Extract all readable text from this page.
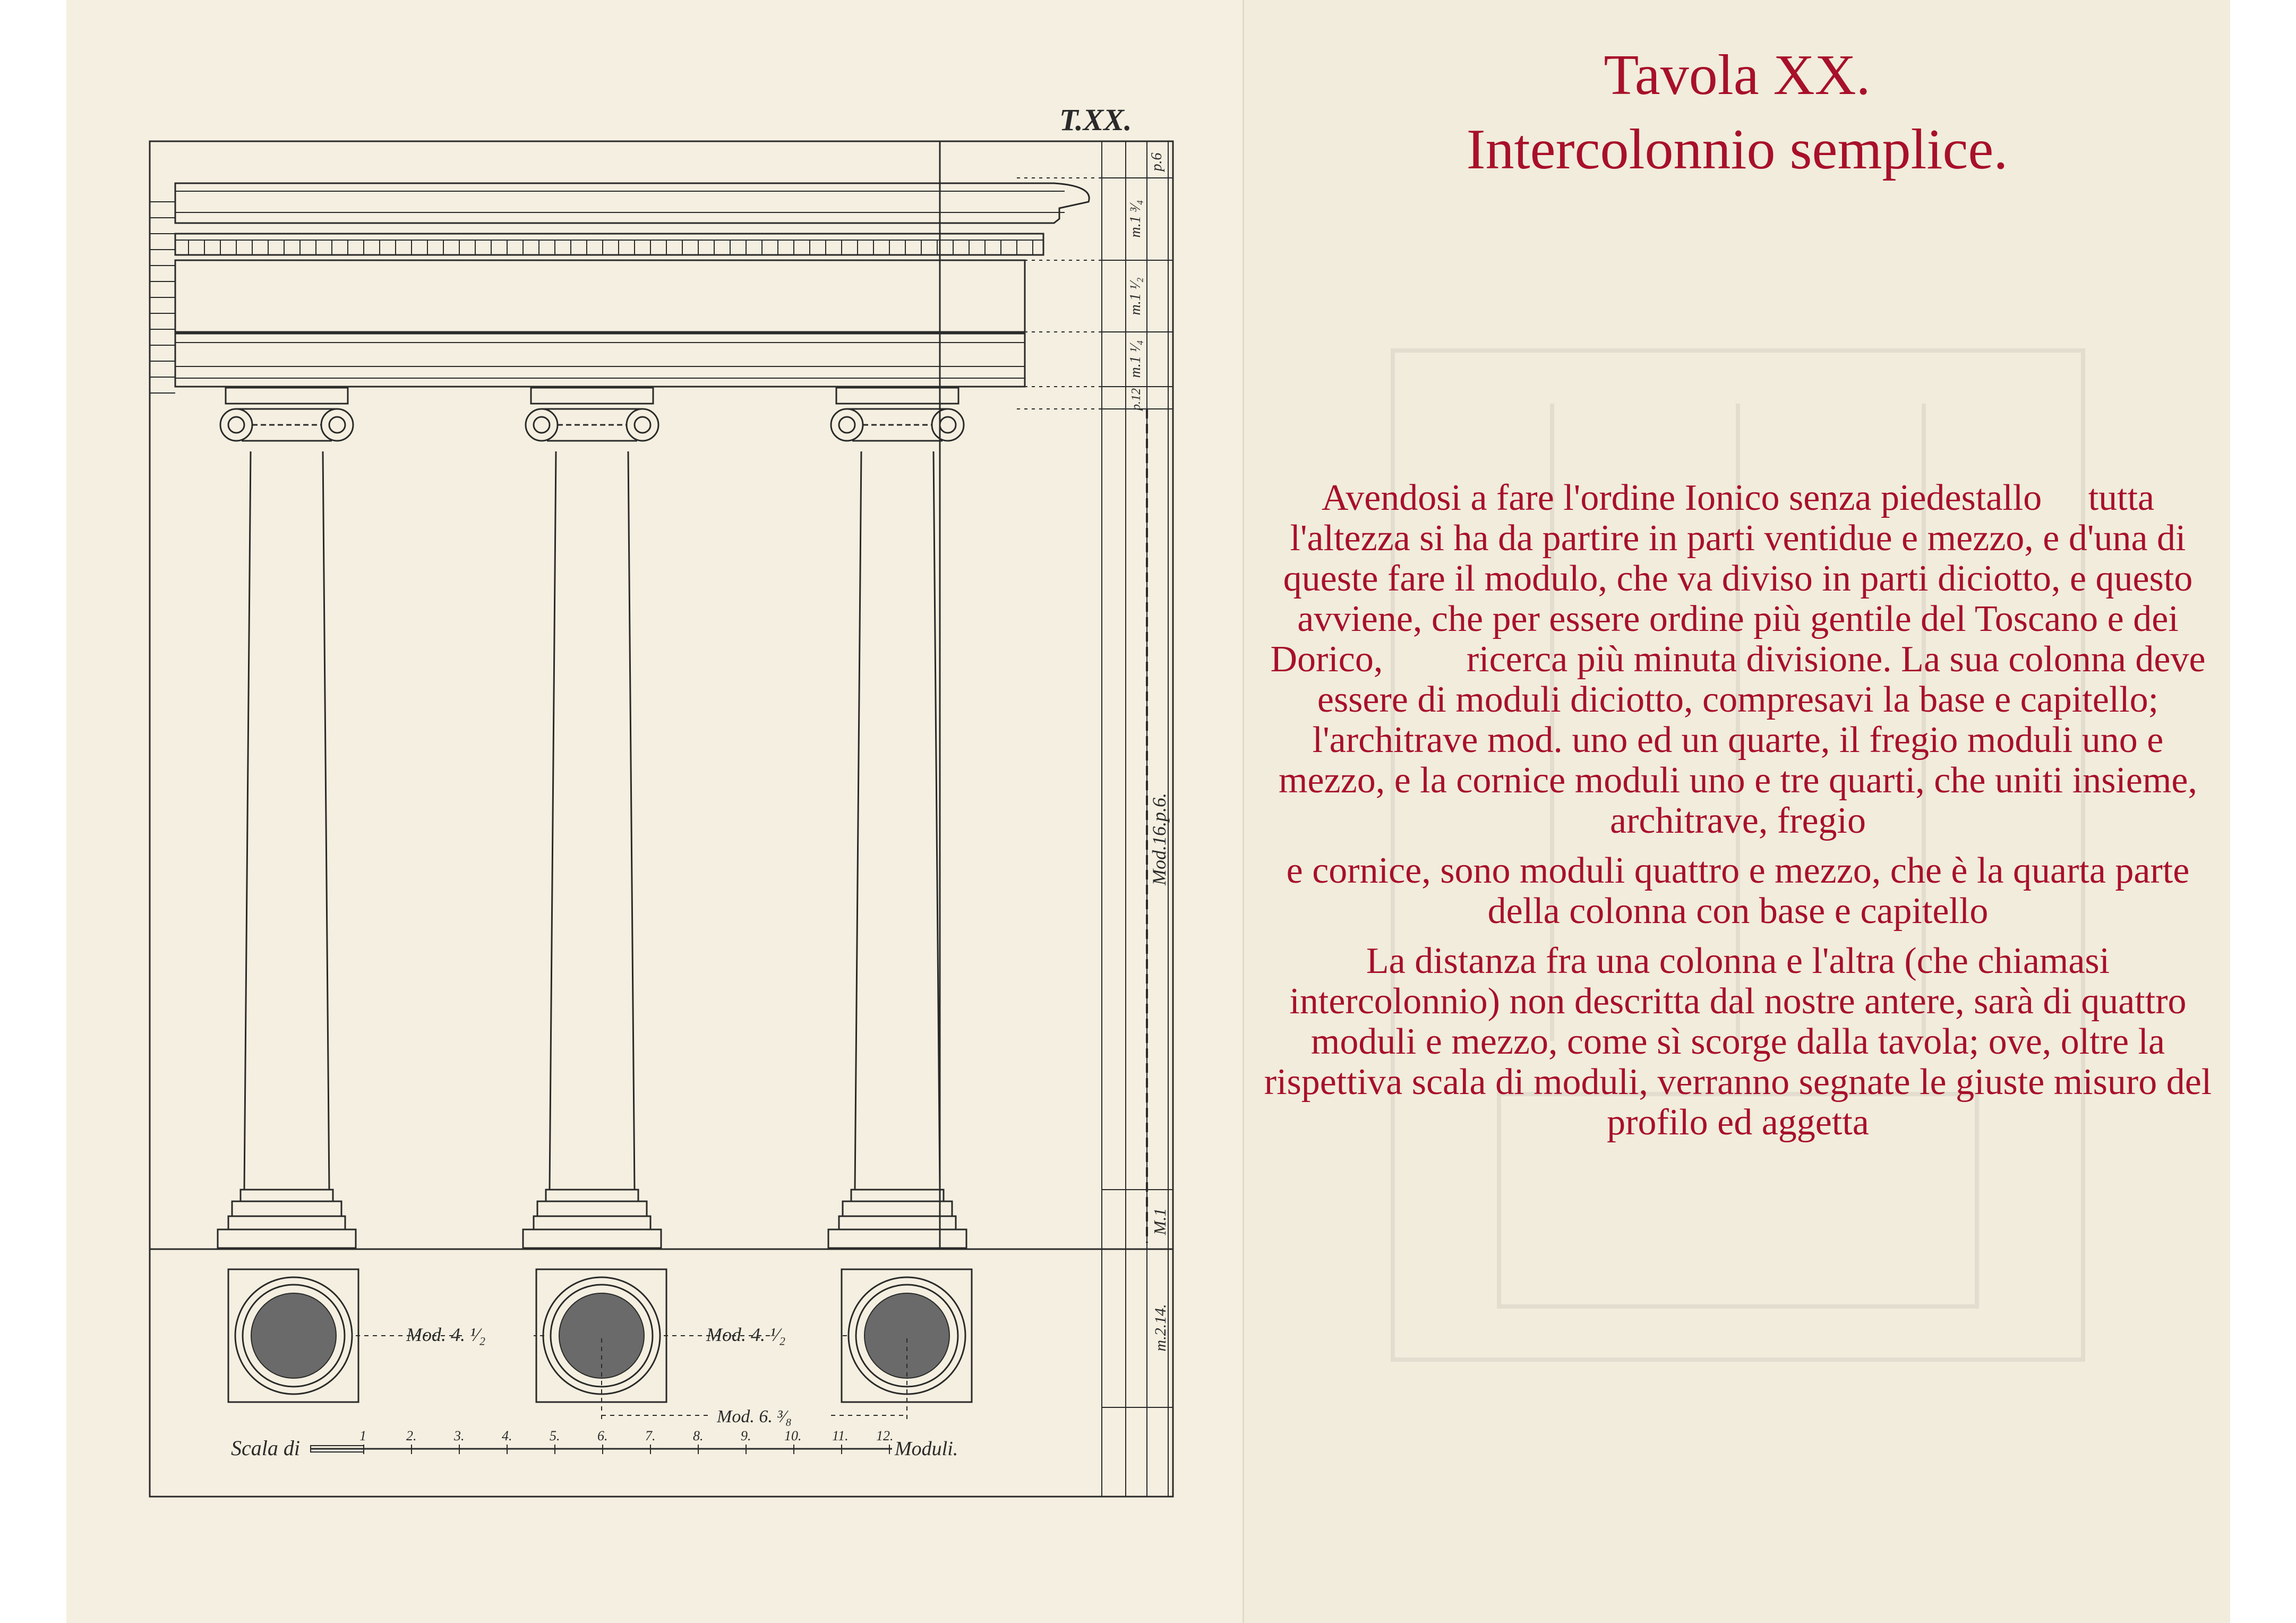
T.XX.
p.6
m.1 ³⁄₄
m.1 ¹⁄₂
m.1 ¹⁄₄
p.12
Mod.16.p.6.
M.1
m.2.14.
Mod. 4. ¹⁄₂	Mod. 4. ¹⁄₂
Mod. 6. ³⁄₈
Scala di
1	2.	3.	4.	5.	6.	7.	8.	9. 10. 11. 12.
Moduli.
Tavola XX.
Intercolonnio semplice.

Avendosi a fare l'ordine Ionico senza piedestallo     tutta l'altezza si ha da partire in parti ventidue e mezzo, e d'una di queste fare il modulo, che va diviso in parti diciotto, e questo avviene, che per essere ordine più gentile del Toscano e dei Dorico,         ricerca più minuta divisione. La sua colonna deve essere di moduli diciotto, compresavi la base e capitello; l'architrave mod. uno ed un quarte, il fregio moduli uno e mezzo, e la cornice moduli uno e tre quarti, che uniti insieme, architrave, fregio

e cornice, sono moduli quattro e mezzo, che è la quarta parte della colonna con base e capitello

La distanza fra una colonna e l'altra (che chiamasi intercolonnio) non descritta dal nostre antere, sarà di quattro moduli e mezzo, come sì scorge dalla tavola; ove, oltre la rispettiva scala di moduli, verranno segnate le giuste misuro del profilo ed aggetta
